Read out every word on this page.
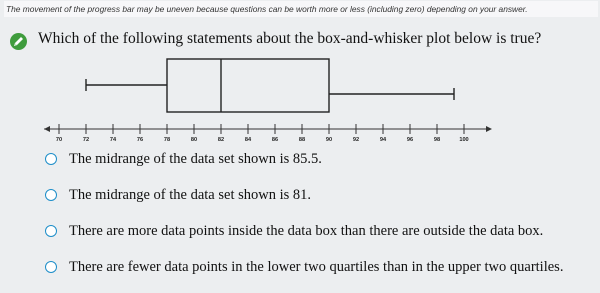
The movement of the progress bar may be uneven because questions can be worth more or less (including zero) depending on your answer.
Which of the following statements about the box-and-whisker plot below is true?
70	72	74	76	78	80	82	84	86	88	90	92	94	96	98	100
The midrange of the data set shown is 85.5.
The midrange of the data set shown is 81.
There are more data points inside the data box than there are outside the data box.
There are fewer data points in the lower two quartiles than in the upper two quartiles.
